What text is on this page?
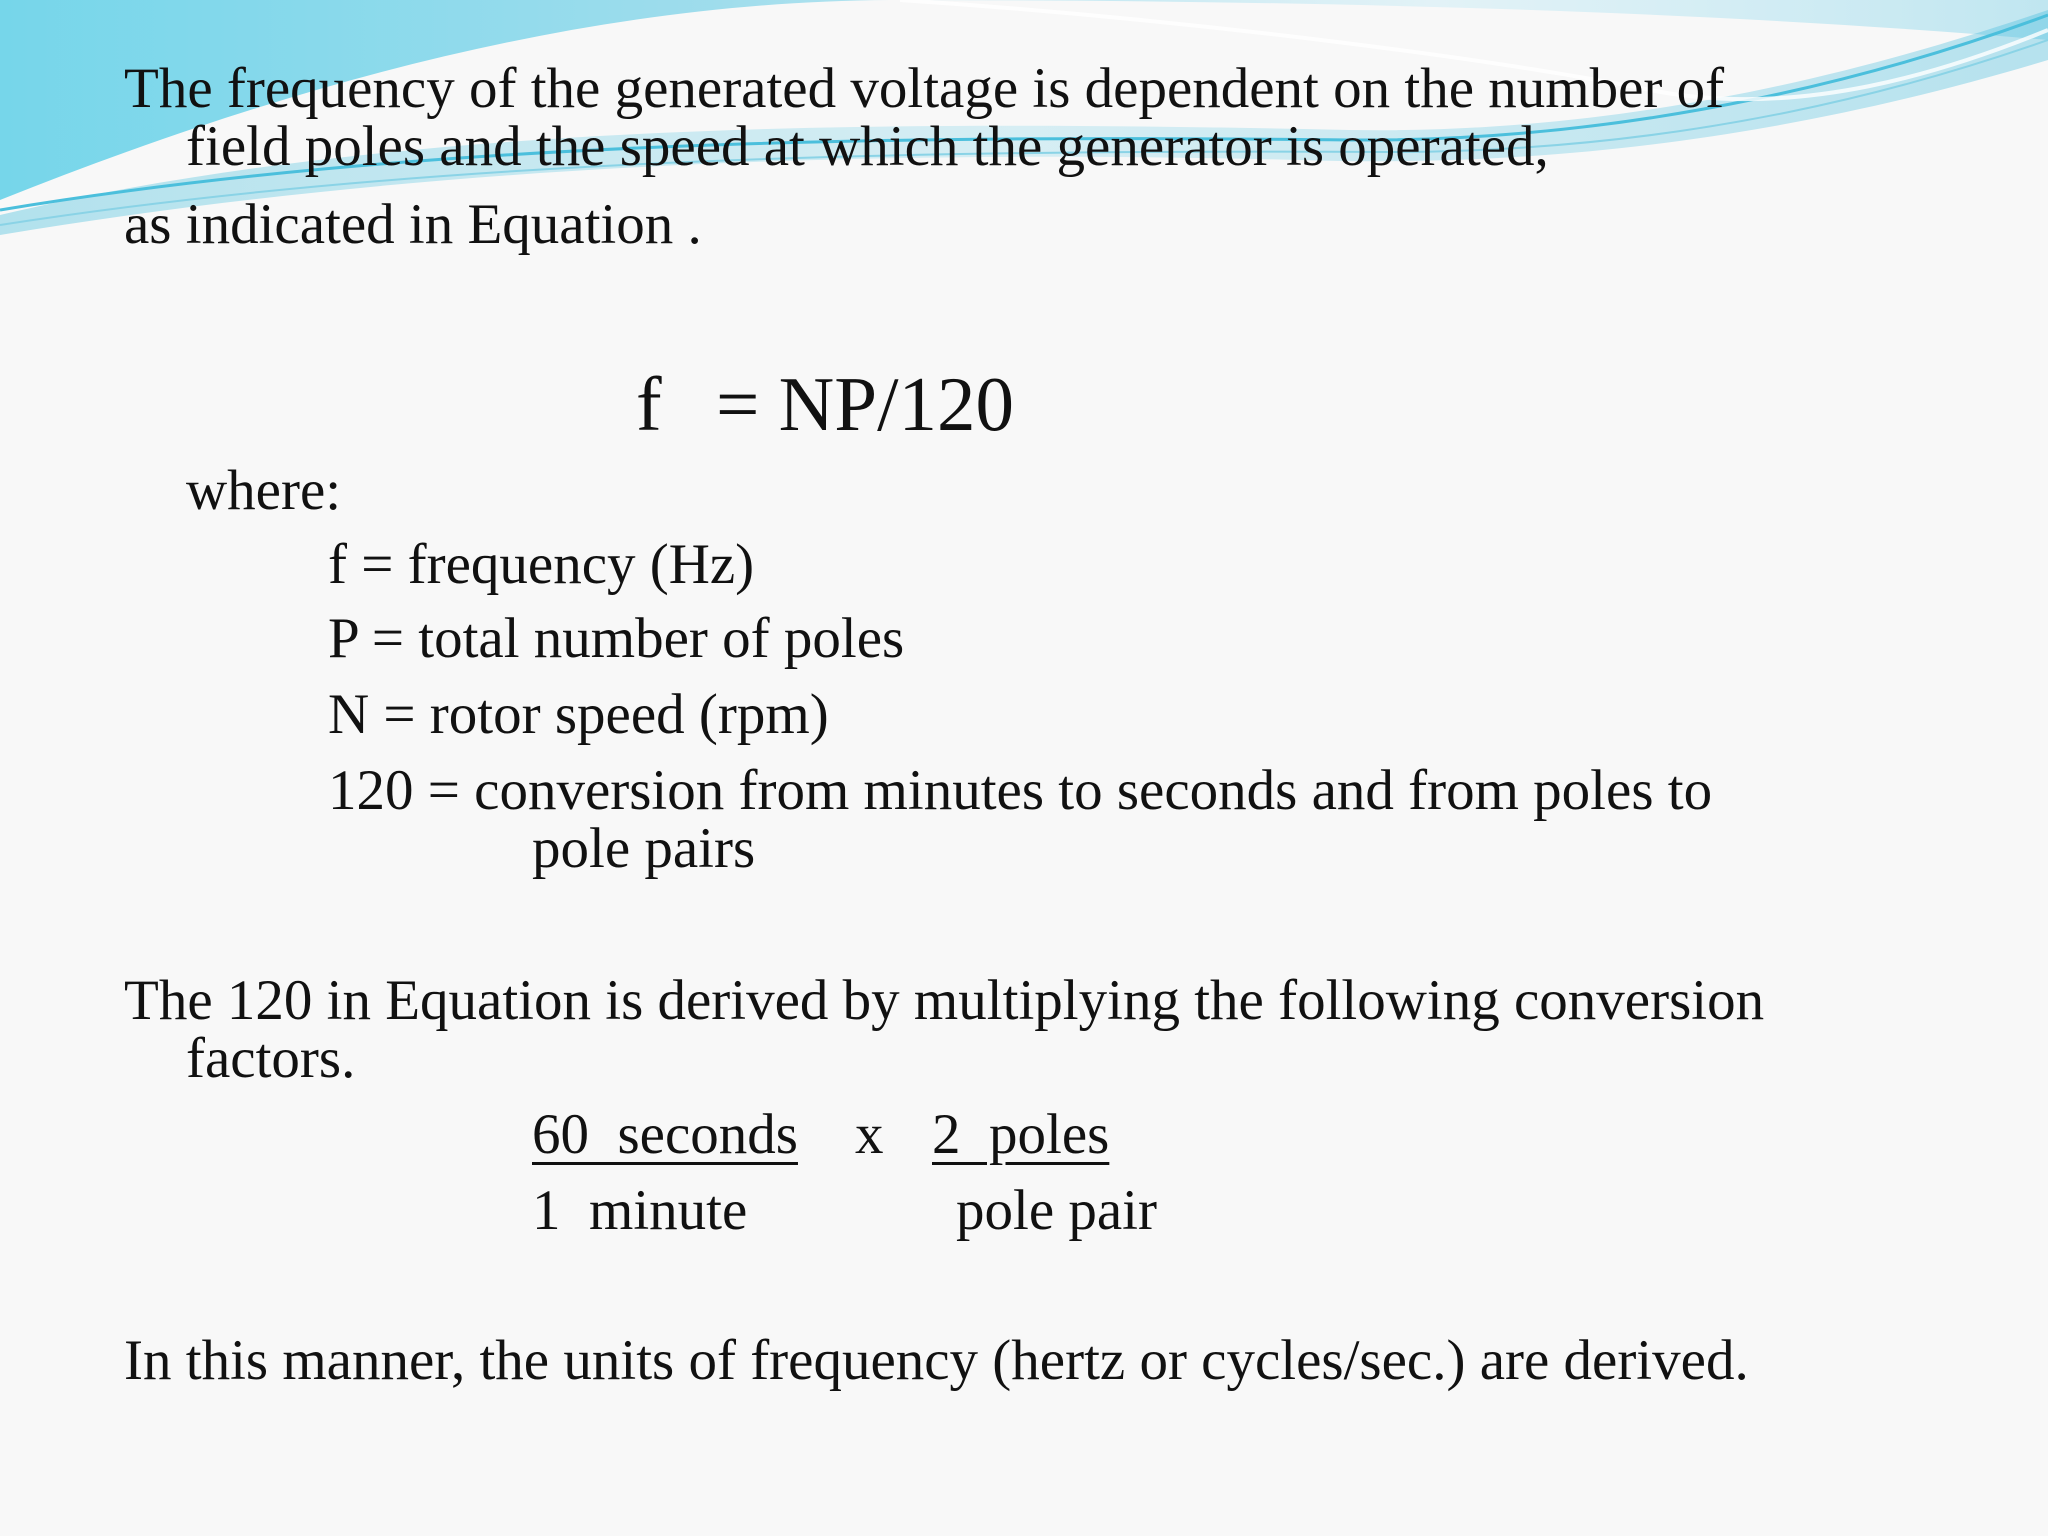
The frequency of the generated voltage is dependent on the number of
field poles and the speed at which the generator is operated,
as indicated in Equation .
f = NP/120
where:
f = frequency (Hz)
P = total number of poles
N = rotor speed (rpm)
120 = conversion from minutes to seconds and from poles to
pole pairs
The 120 in Equation is derived by multiplying the following conversion
factors.
60  seconds x 2  poles
1  minute	pole pair
In this manner, the units of frequency (hertz or cycles/sec.) are derived.
